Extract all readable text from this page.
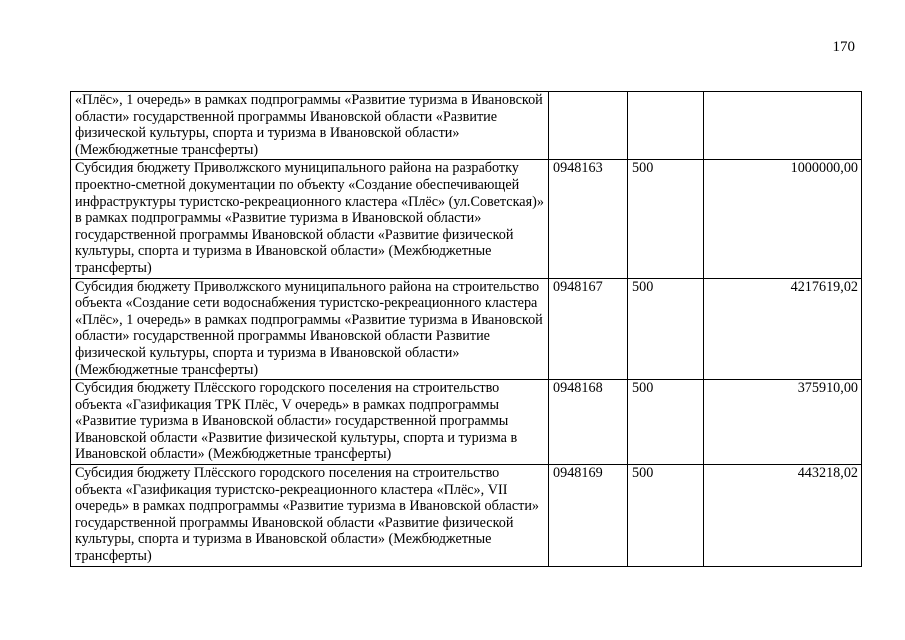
170
«Плёс», 1 очередь» в рамках подпрограммы «Развитие туризма в Ивановской области» государственной программы Ивановской области «Развитие физической культуры, спорта и туризма в Ивановской области» (Межбюджетные трансферты)			
Субсидия бюджету Приволжского муниципального района на разработку проектно-сметной документации по объекту «Создание обеспечивающей инфраструктуры туристско-рекреационного кластера «Плёс» (ул.Советская)» в рамках подпрограммы «Развитие туризма в Ивановской области» государственной программы Ивановской области «Развитие физической культуры, спорта и туризма в Ивановской области» (Межбюджетные трансферты)	0948163	500	1000000,00
Субсидия бюджету Приволжского муниципального района на строительство объекта «Создание сети водоснабжения туристско-рекреационного кластера «Плёс», 1 очередь» в рамках подпрограммы «Развитие туризма в Ивановской области» государственной программы Ивановской области Развитие физической культуры, спорта и туризма в Ивановской области» (Межбюджетные трансферты)	0948167	500	4217619,02
Субсидия бюджету Плёсского городского поселения на строительство объекта «Газификация ТРК Плёс, V очередь» в рамках подпрограммы «Развитие туризма в Ивановской области» государственной программы Ивановской области «Развитие физической культуры, спорта и туризма в Ивановской области» (Межбюджетные трансферты)	0948168	500	375910,00
Субсидия бюджету Плёсского городского поселения на строительство объекта «Газификация туристско-рекреационного кластера «Плёс», VII очередь» в рамках подпрограммы «Развитие туризма в Ивановской области» государственной программы Ивановской области «Развитие физической культуры, спорта и туризма в Ивановской области» (Межбюджетные трансферты)	0948169	500	443218,02
